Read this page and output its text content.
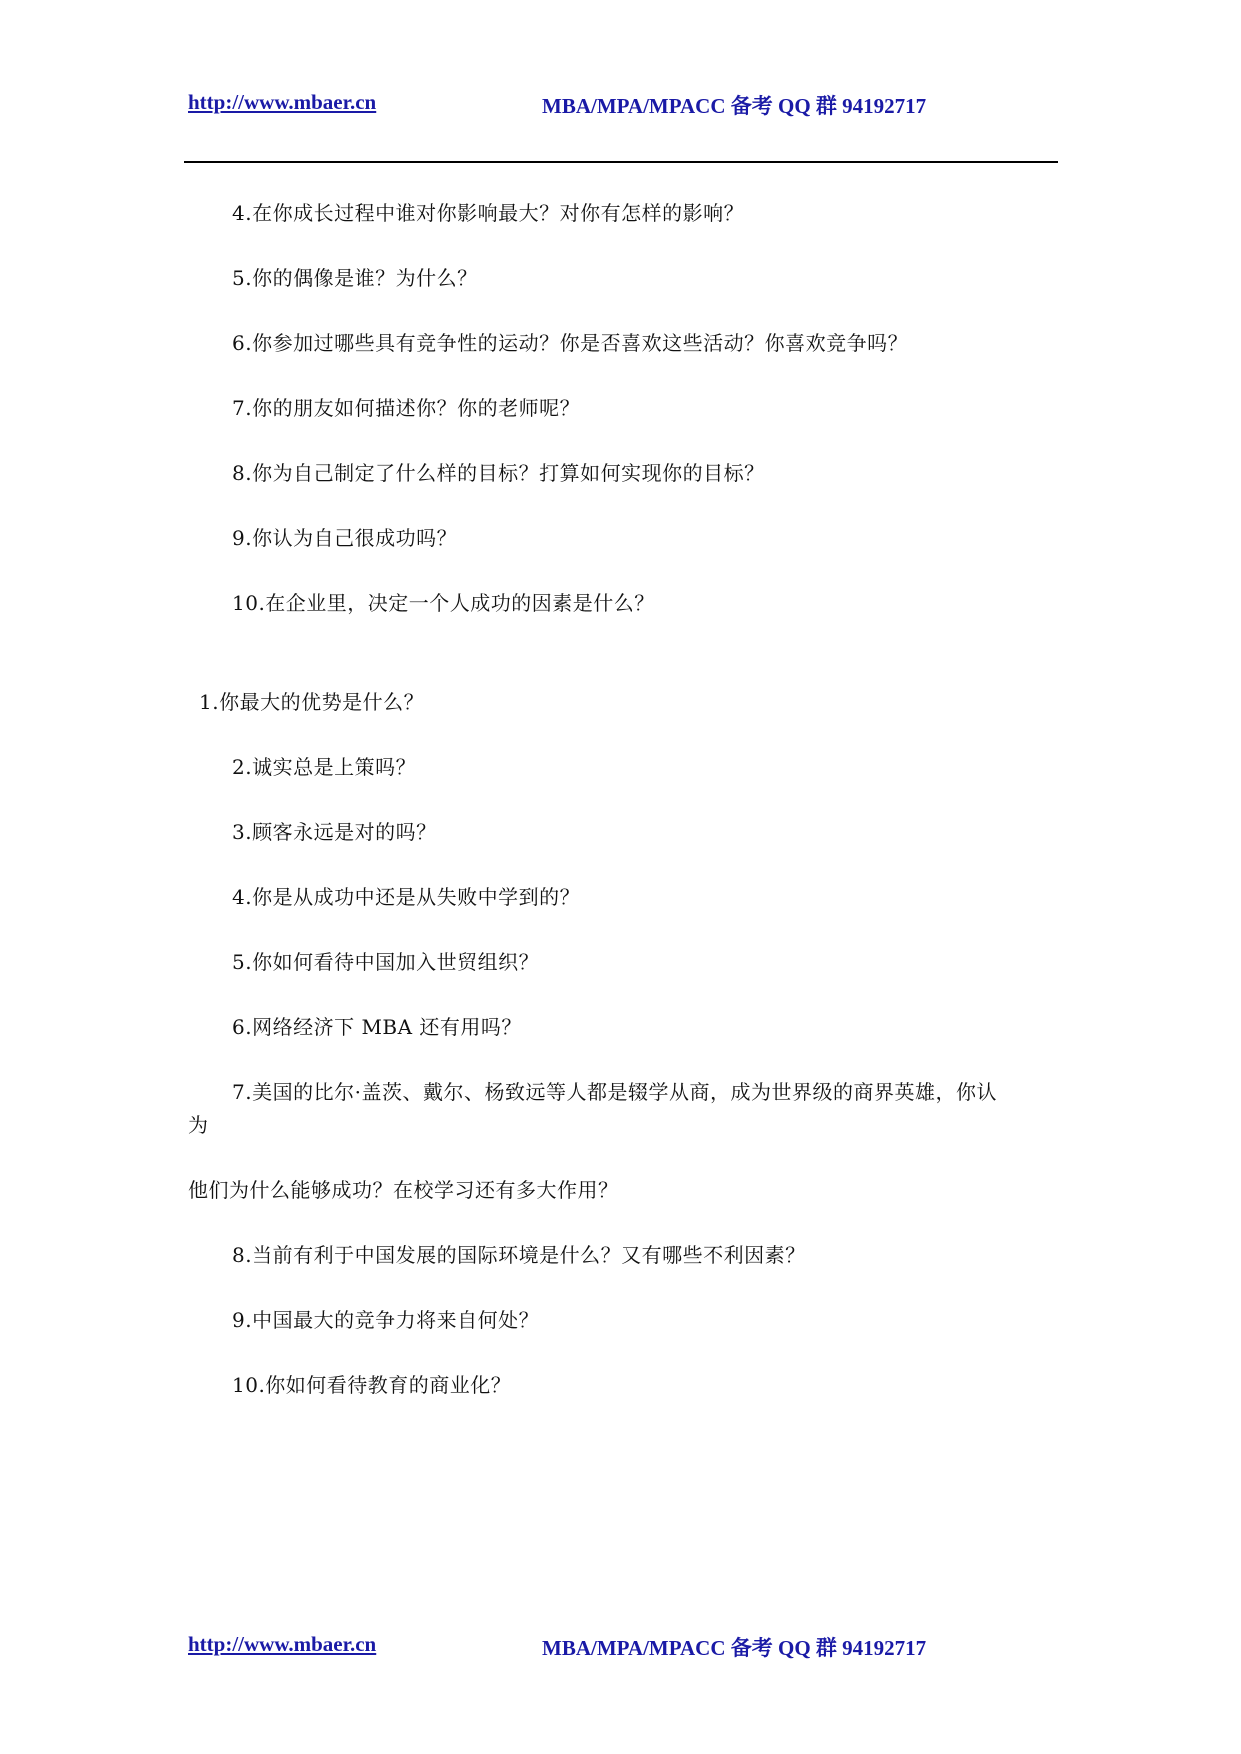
http://www.mbaer.cn	MBA/MPA/MPACC 备考 QQ 群 94192717
4.在你成长过程中谁对你影响最大？对你有怎样的影响？
5.你的偶像是谁？为什么？
6.你参加过哪些具有竞争性的运动？你是否喜欢这些活动？你喜欢竞争吗？
7.你的朋友如何描述你？你的老师呢？
8.你为自己制定了什么样的目标？打算如何实现你的目标？
9.你认为自己很成功吗？
10.在企业里，决定一个人成功的因素是什么？
1.你最大的优势是什么？
2.诚实总是上策吗？
3.顾客永远是对的吗？
4.你是从成功中还是从失败中学到的？
5.你如何看待中国加入世贸组织？
6.网络经济下 MBA 还有用吗？
7.美国的比尔·盖茨、戴尔、杨致远等人都是辍学从商，成为世界级的商界英雄，你认
为
他们为什么能够成功？在校学习还有多大作用？
8.当前有利于中国发展的国际环境是什么？又有哪些不利因素？
9.中国最大的竞争力将来自何处？
10.你如何看待教育的商业化？
http://www.mbaer.cn	MBA/MPA/MPACC 备考 QQ 群 94192717
